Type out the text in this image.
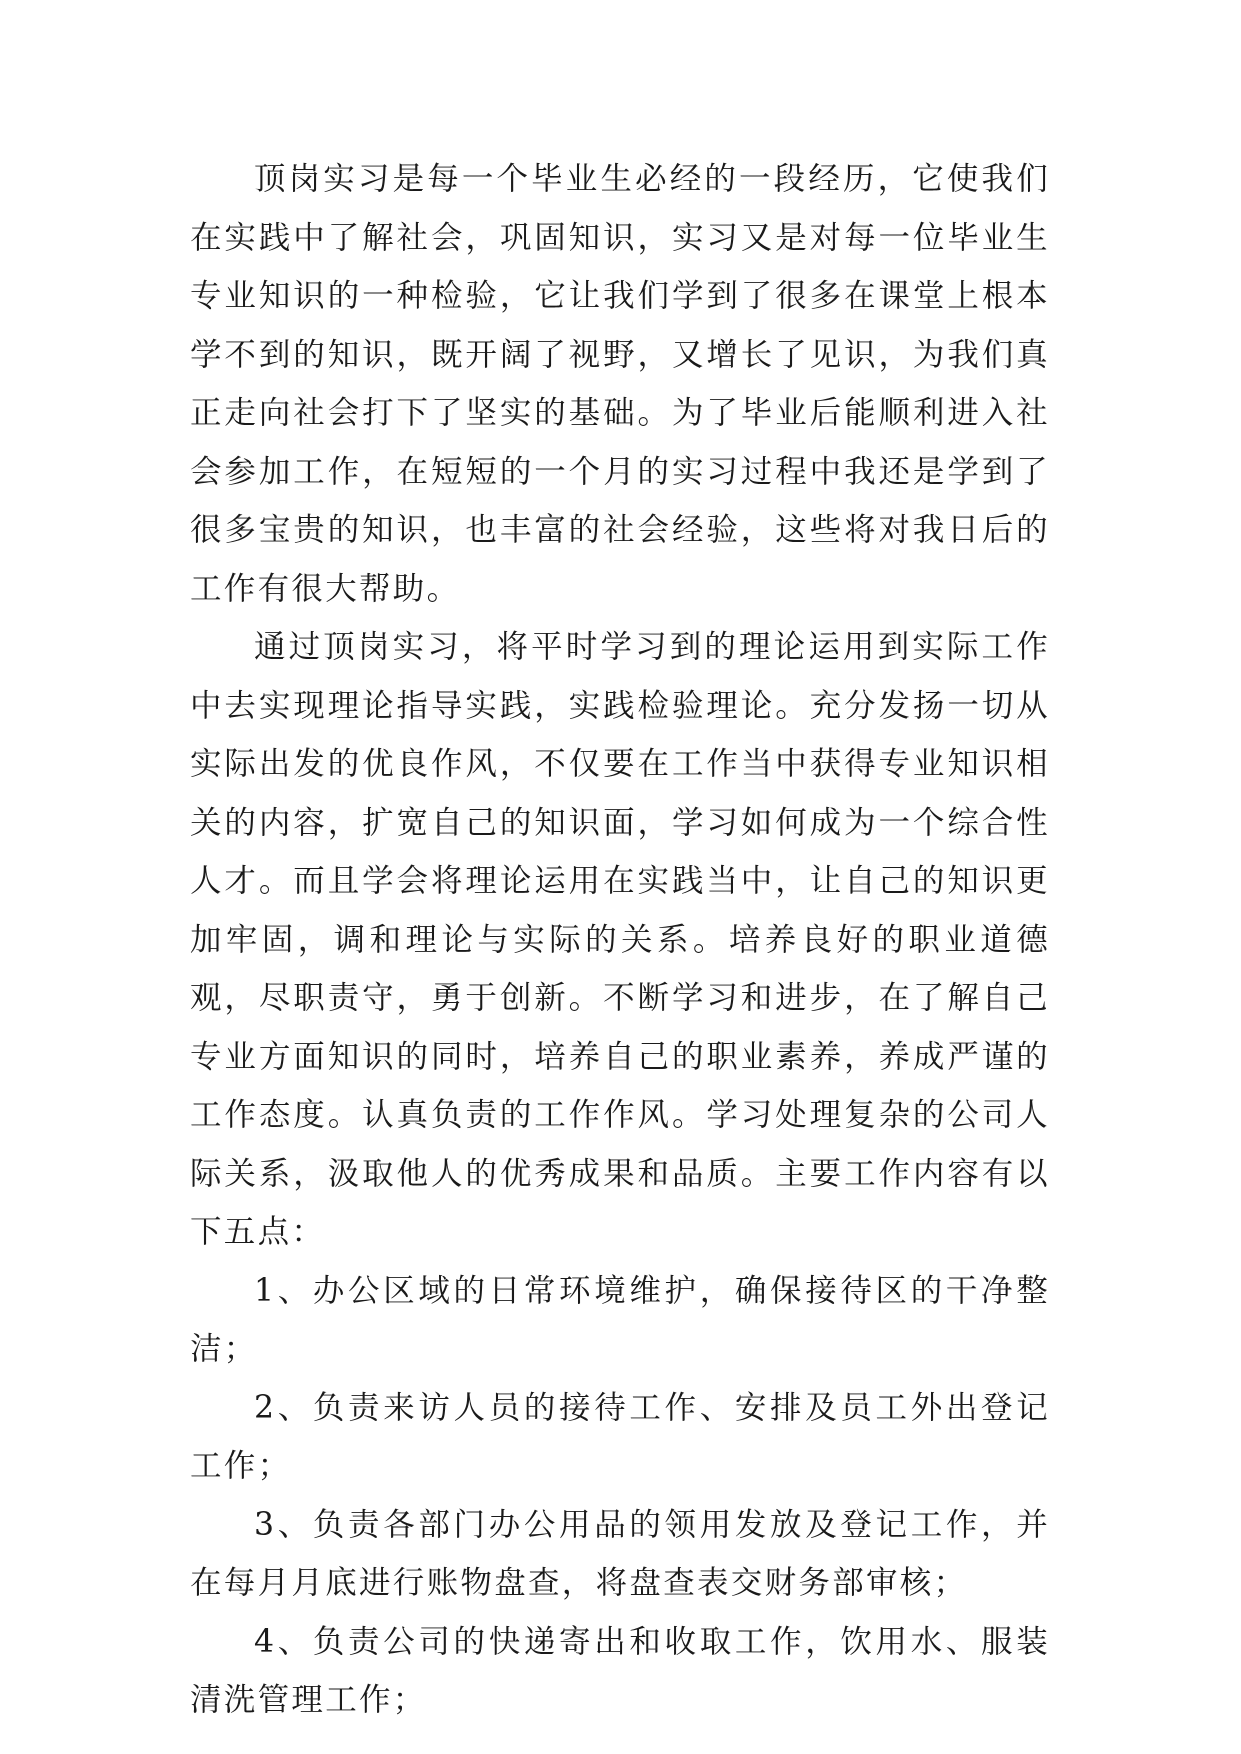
顶岗实习是每一个毕业生必经的一段经历，它使我们在实践中了解社会，巩固知识，实习又是对每一位毕业生专业知识的一种检验，它让我们学到了很多在课堂上根本学不到的知识，既开阔了视野，又增长了见识，为我们真正走向社会打下了坚实的基础。为了毕业后能顺利进入社会参加工作，在短短的一个月的实习过程中我还是学到了很多宝贵的知识，也丰富的社会经验，这些将对我日后的工作有很大帮助。

通过顶岗实习，将平时学习到的理论运用到实际工作中去实现理论指导实践，实践检验理论。充分发扬一切从实际出发的优良作风，不仅要在工作当中获得专业知识相关的内容，扩宽自己的知识面，学习如何成为一个综合性人才。而且学会将理论运用在实践当中，让自己的知识更加牢固，调和理论与实际的关系。培养良好的职业道德观，尽职责守，勇于创新。不断学习和进步，在了解自己专业方面知识的同时，培养自己的职业素养，养成严谨的工作态度。认真负责的工作作风。学习处理复杂的公司人际关系，汲取他人的优秀成果和品质。主要工作内容有以下五点：

1、办公区域的日常环境维护，确保接待区的干净整洁；

2、负责来访人员的接待工作、安排及员工外出登记工作；

3、负责各部门办公用品的领用发放及登记工作，并在每月月底进行账物盘查，将盘查表交财务部审核；

4、负责公司的快递寄出和收取工作，饮用水、服装清洗管理工作；
